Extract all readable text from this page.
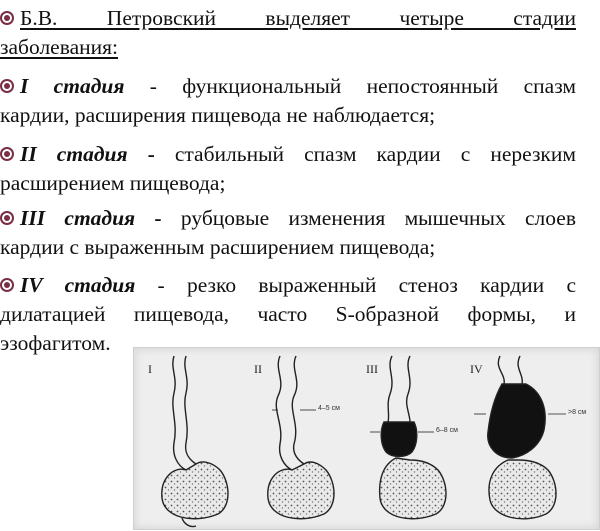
Б.В. Петровский выделяет четыре стадии
заболевания:
I стадия - функциональный непостоянный спазм
кардии, расширения пищевода не наблюдается;
II стадия - стабильный спазм кардии с нерезким
расширением пищевода;
III стадия - рубцовые изменения мышечных слоев
кардии с выраженным расширением пищевода;
IV стадия - резко выраженный стеноз кардии с
дилатацией пищевода, часто S-образной формы, и
эзофагитом.
I	II	III	IV
4–5 см
6–8 см
>8 см
